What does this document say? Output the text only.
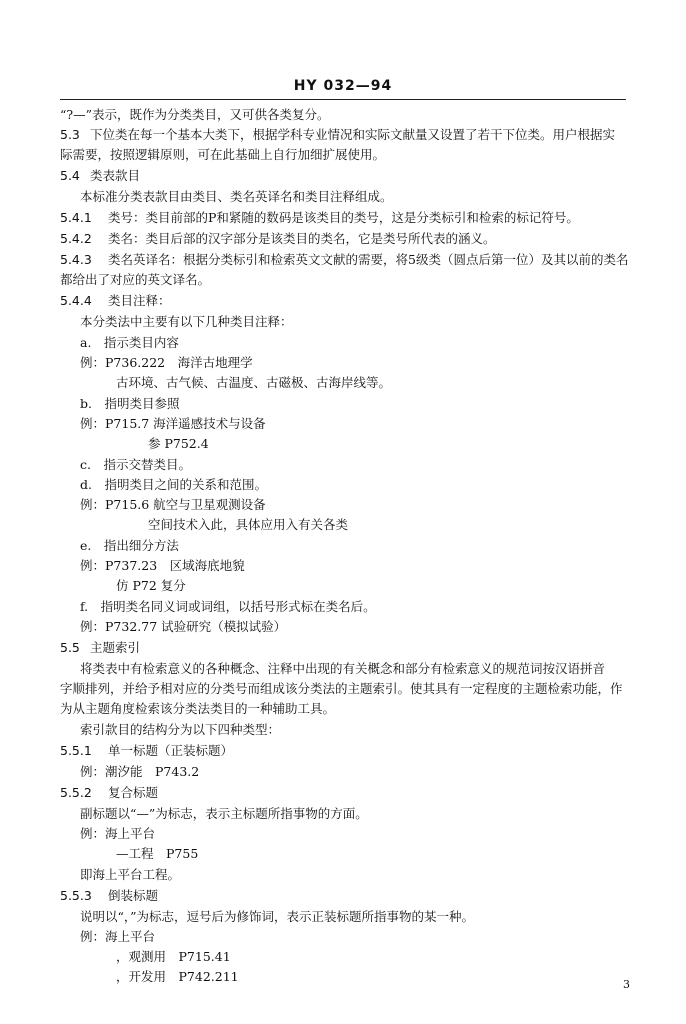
HY 032—94
“?—”表示，既作为分类类目，又可供各类复分。
5.3 下位类在每一个基本大类下，根据学科专业情况和实际文献量又设置了若干下位类。用户根据实
际需要，按照逻辑原则，可在此基础上自行加细扩展使用。
5.4 类表款目
本标准分类表款目由类目、类名英译名和类目注释组成。
5.4.1 类号：类目前部的P和紧随的数码是该类目的类号，这是分类标引和检索的标记符号。
5.4.2 类名：类目后部的汉字部分是该类目的类名，它是类号所代表的涵义。
5.4.3 类名英译名：根据分类标引和检索英文文献的需要，将5级类（圆点后第一位）及其以前的类名
都给出了对应的英文译名。
5.4.4 类目注释：
本分类法中主要有以下几种类目注释：
a.　指示类目内容
例：P736.222　海洋古地理学
古环境、古气候、古温度、古磁极、古海岸线等。
b.　指明类目参照
例：P715.7 海洋遥感技术与设备
参 P752.4
c.　指示交替类目。
d.　指明类目之间的关系和范围。
例：P715.6 航空与卫星观测设备
空间技术入此，具体应用入有关各类
e.　指出细分方法
例：P737.23　区域海底地貌
仿 P72 复分
f.　指明类名同义词或词组，以括号形式标在类名后。
例：P732.77 试验研究（模拟试验）
5.5 主题索引
将类表中有检索意义的各种概念、注释中出现的有关概念和部分有检索意义的规范词按汉语拼音
字顺排列，并给予相对应的分类号而组成该分类法的主题索引。使其具有一定程度的主题检索功能，作
为从主题角度检索该分类法类目的一种辅助工具。
索引款目的结构分为以下四种类型：
5.5.1 单一标题（正装标题）
例：潮汐能　P743.2
5.5.2 复合标题
副标题以“—”为标志，表示主标题所指事物的方面。
例：海上平台
—工程　P755
即海上平台工程。
5.5.3 倒装标题
说明以“，”为标志，逗号后为修饰词，表示正装标题所指事物的某一种。
例：海上平台
，观测用　P715.41
，开发用　P742.211
3
